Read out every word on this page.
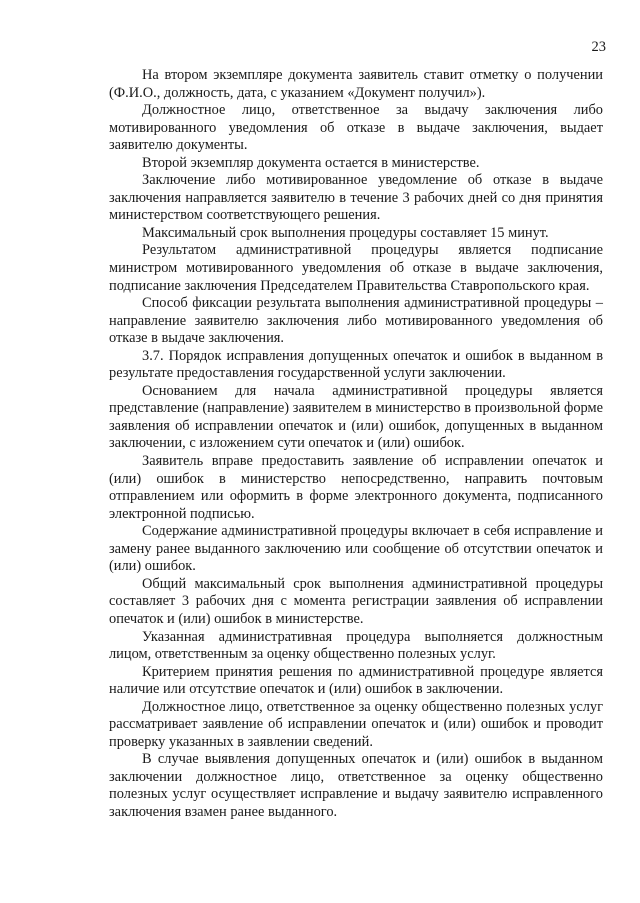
23

На втором экземпляре документа заявитель ставит отметку о получении (Ф.И.О., должность, дата, с указанием «Документ получил»).

Должностное лицо, ответственное за выдачу заключения либо мотивированного уведомления об отказе в выдаче заключения, выдает заявителю документы.

Второй экземпляр документа остается в министерстве.

Заключение либо мотивированное уведомление об отказе в выдаче заключения направляется заявителю в течение 3 рабочих дней со дня принятия министерством соответствующего решения.

Максимальный срок выполнения процедуры составляет 15 минут.

Результатом административной процедуры является подписание министром мотивированного уведомления об отказе в выдаче заключения, подписание заключения Председателем Правительства Ставропольского края.

Способ фиксации результата выполнения административной процедуры – направление заявителю заключения либо мотивированного уведомления об отказе в выдаче заключения.

3.7. Порядок исправления допущенных опечаток и ошибок в выданном в результате предоставления государственной услуги заключении.

Основанием для начала административной процедуры является представление (направление) заявителем в министерство в произвольной форме заявления об исправлении опечаток и (или) ошибок, допущенных в выданном заключении, с изложением сути опечаток и (или) ошибок.

Заявитель вправе предоставить заявление об исправлении опечаток и (или) ошибок в министерство непосредственно, направить почтовым отправлением или оформить в форме электронного документа, подписанного электронной подписью.

Содержание административной процедуры включает в себя исправление и замену ранее выданного заключению или сообщение об отсутствии опечаток и (или) ошибок.

Общий максимальный срок выполнения административной процедуры составляет 3 рабочих дня с момента регистрации заявления об исправлении опечаток и (или) ошибок в министерстве.

Указанная административная процедура выполняется должностным лицом, ответственным за оценку общественно полезных услуг.

Критерием принятия решения по административной процедуре является наличие или отсутствие опечаток и (или) ошибок в заключении.

Должностное лицо, ответственное за оценку общественно полезных услуг рассматривает заявление об исправлении опечаток и (или) ошибок и проводит проверку указанных в заявлении сведений.

В случае выявления допущенных опечаток и (или) ошибок в выданном заключении должностное лицо, ответственное за оценку общественно полезных услуг осуществляет исправление и выдачу заявителю исправленного заключения взамен ранее выданного.
